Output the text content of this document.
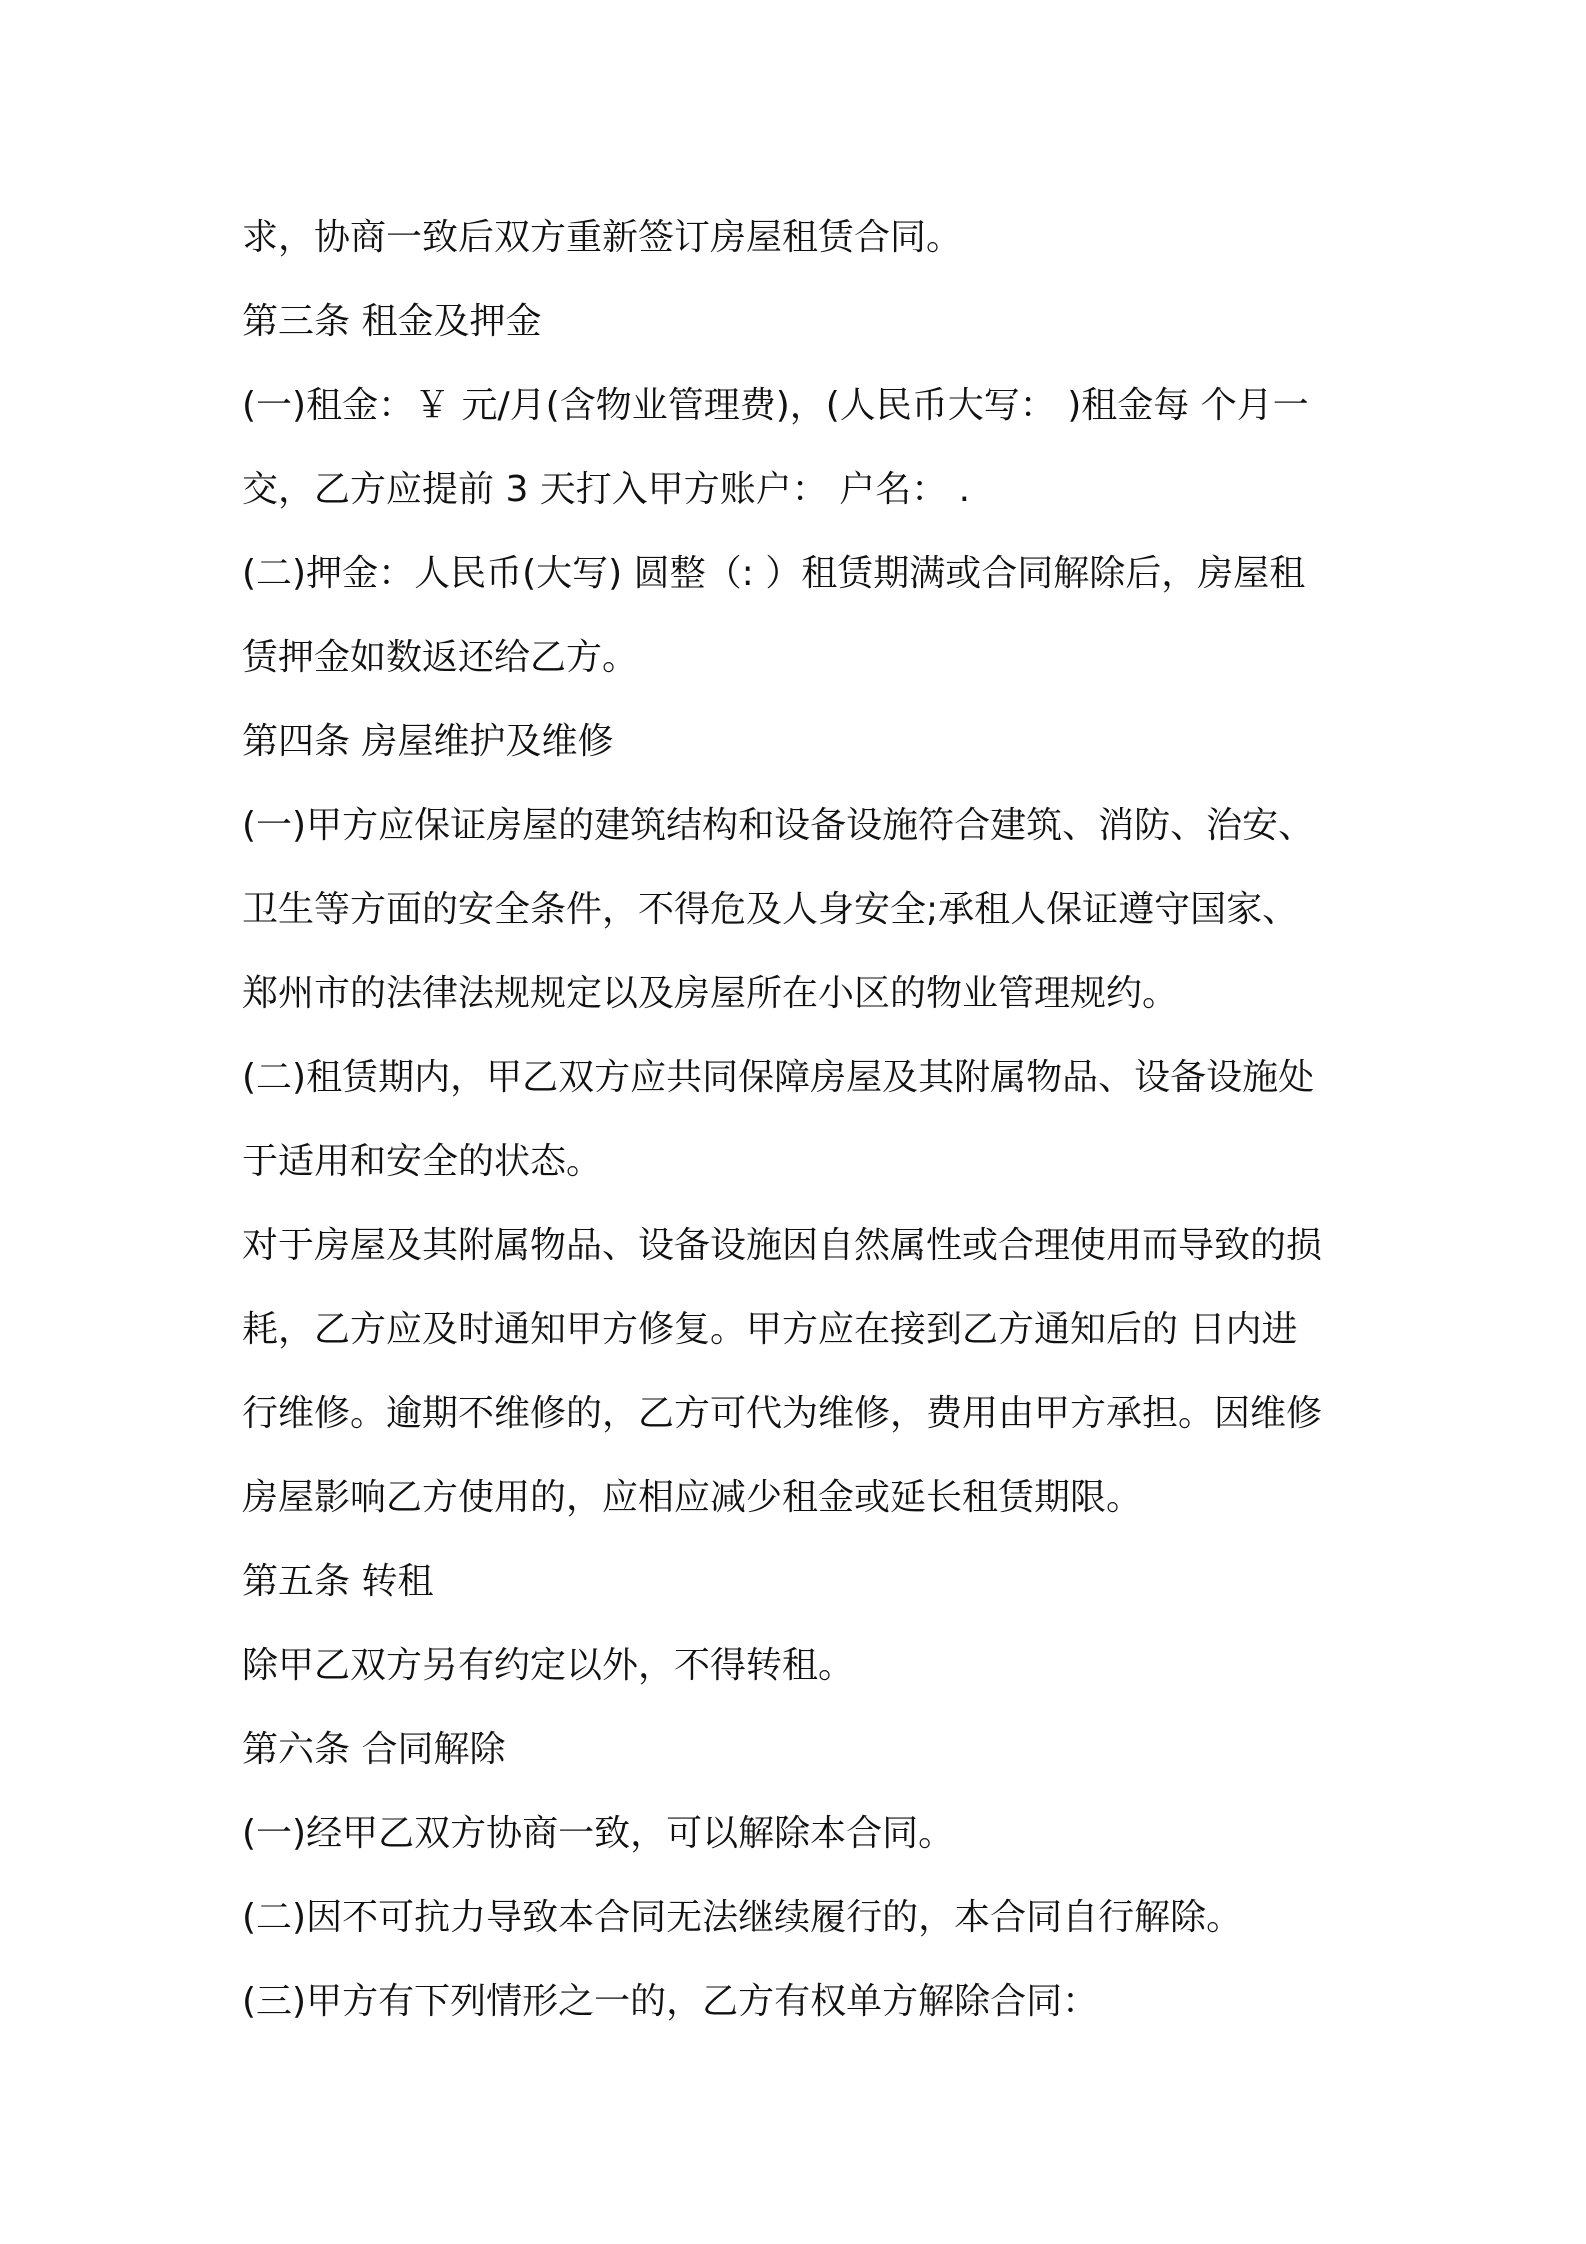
求，协商一致后双方重新签订房屋租赁合同。

第三条 租金及押金

(一)租金：￥ 元/月(含物业管理费)，(人民币大写： )租金每 个月一

交，乙方应提前 3 天打入甲方账户： 户名： .

(二)押金：人民币(大写) 圆整（: ）租赁期满或合同解除后，房屋租

赁押金如数返还给乙方。

第四条 房屋维护及维修

(一)甲方应保证房屋的建筑结构和设备设施符合建筑、消防、治安、

卫生等方面的安全条件，不得危及人身安全;承租人保证遵守国家、

郑州市的法律法规规定以及房屋所在小区的物业管理规约。

(二)租赁期内，甲乙双方应共同保障房屋及其附属物品、设备设施处

于适用和安全的状态。

对于房屋及其附属物品、设备设施因自然属性或合理使用而导致的损

耗，乙方应及时通知甲方修复。甲方应在接到乙方通知后的 日内进

行维修。逾期不维修的，乙方可代为维修，费用由甲方承担。因维修

房屋影响乙方使用的，应相应减少租金或延长租赁期限。

第五条 转租

除甲乙双方另有约定以外，不得转租。

第六条 合同解除

(一)经甲乙双方协商一致，可以解除本合同。

(二)因不可抗力导致本合同无法继续履行的，本合同自行解除。

(三)甲方有下列情形之一的，乙方有权单方解除合同：
